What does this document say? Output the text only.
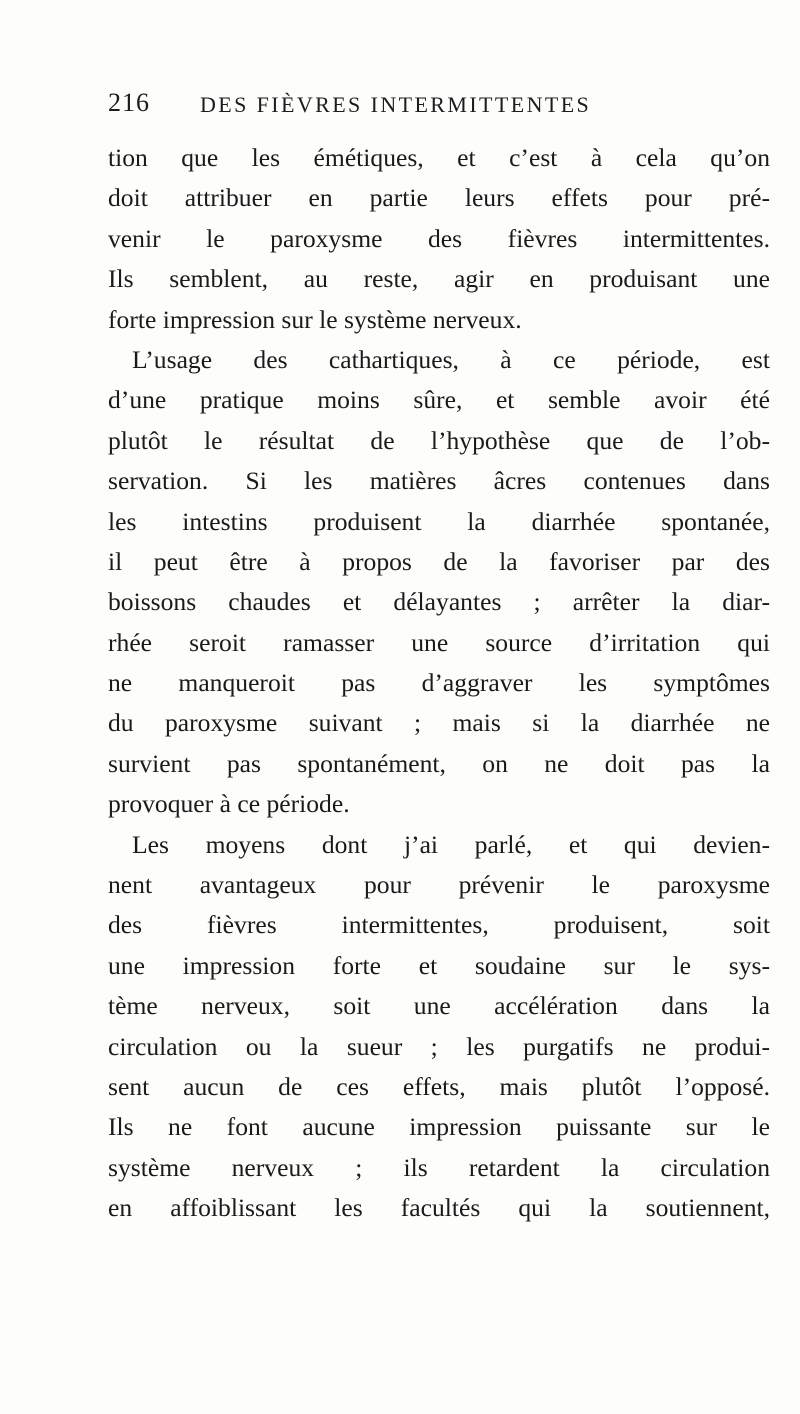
216 DES FIÈVRES INTERMITTENTES
tion que les émétiques, et c’est à cela qu’on
doit attribuer en partie leurs effets pour pré-
venir le paroxysme des fièvres intermittentes.
Ils semblent, au reste, agir en produisant une
forte impression sur le système nerveux.
L’usage des cathartiques, à ce période, est
d’une pratique moins sûre, et semble avoir été
plutôt le résultat de l’hypothèse que de l’ob-
servation. Si les matières âcres contenues dans
les intestins produisent la diarrhée spontanée,
il peut être à propos de la favoriser par des
boissons chaudes et délayantes ; arrêter la diar-
rhée seroit ramasser une source d’irritation qui
ne manqueroit pas d’aggraver les symptômes
du paroxysme suivant ; mais si la diarrhée ne
survient pas spontanément, on ne doit pas la
provoquer à ce période.
Les moyens dont j’ai parlé, et qui devien-
nent avantageux pour prévenir le paroxysme
des fièvres intermittentes, produisent, soit
une impression forte et soudaine sur le sys-
tème nerveux, soit une accélération dans la
circulation ou la sueur ; les purgatifs ne produi-
sent aucun de ces effets, mais plutôt l’opposé.
Ils ne font aucune impression puissante sur le
système nerveux ; ils retardent la circulation
en affoiblissant les facultés qui la soutiennent,
